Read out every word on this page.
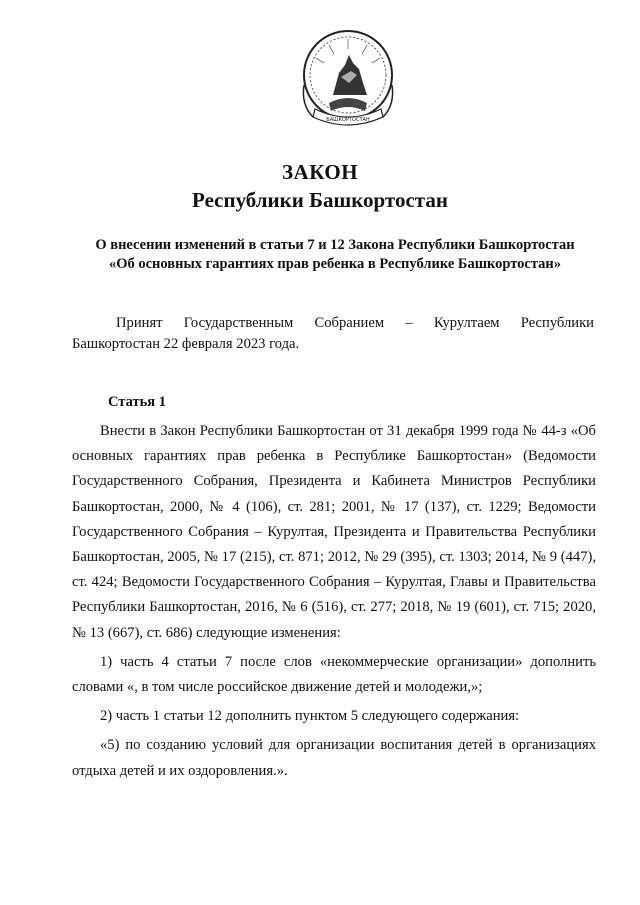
БАШКОРТОСТАН
ЗАКОН
Республики Башкортостан
О внесении изменений в статьи 7 и 12 Закона Республики Башкортостан
«Об основных гарантиях прав ребенка в Республике Башкортостан»
Принят Государственным Собранием – Курултаем Республики Башкортостан 22 февраля 2023 года.
Статья 1

Внести в Закон Республики Башкортостан от 31 декабря 1999 года № 44-з «Об основных гарантиях прав ребенка в Республике Башкортостан» (Ведомости Государственного Собрания, Президента и Кабинета Министров Республики Башкортостан, 2000, № 4 (106), ст. 281; 2001, № 17 (137), ст. 1229; Ведомости Государственного Собрания – Курултая, Президента и Правительства Республики Башкортостан, 2005, № 17 (215), ст. 871; 2012, № 29 (395), ст. 1303; 2014, № 9 (447), ст. 424; Ведомости Государственного Собрания – Курултая, Главы и Правительства Республики Башкортостан, 2016, № 6 (516), ст. 277; 2018, № 19 (601), ст. 715; 2020, № 13 (667), ст. 686) следующие изменения:

1) часть 4 статьи 7 после слов «некоммерческие организации» дополнить словами «, в том числе российское движение детей и молодежи,»;

2) часть 1 статьи 12 дополнить пунктом 5 следующего содержания:

«5) по созданию условий для организации воспитания детей в организациях отдыха детей и их оздоровления.».
